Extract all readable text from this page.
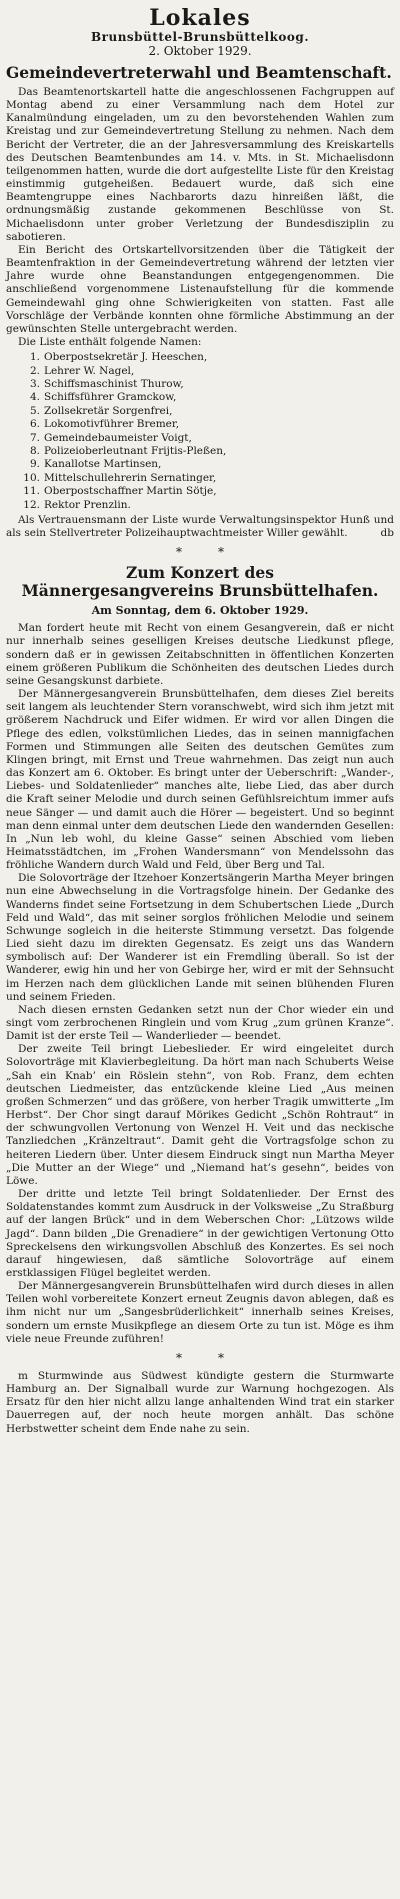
Lokales
Brunsbüttel-Brunsbüttelkoog.
2. Oktober 1929.
Gemeindevertreterwahl und Beamtenschaft.

Das Beamtenortskartell hatte die angeschlossenen Fachgruppen auf Montag abend zu einer Versammlung nach dem Hotel zur Kanalmündung eingeladen, um zu den bevorstehenden Wahlen zum Kreistag und zur Gemeindevertretung Stellung zu nehmen. Nach dem Bericht der Vertreter, die an der Jahresversammlung des Kreiskartells des Deutschen Beamtenbundes am 14. v. Mts. in St. Michaelisdonn teilgenommen hatten, wurde die dort aufgestellte Liste für den Kreistag einstimmig gutgeheißen. Bedauert wurde, daß sich eine Beamtengruppe eines Nachbarorts dazu hinreißen läßt, die ordnungsmäßig zustande gekommenen Beschlüsse von St. Michaelisdonn unter grober Verletzung der Bundesdisziplin zu sabotieren.

Ein Bericht des Ortskartellvorsitzenden über die Tätigkeit der Beamtenfraktion in der Gemeindevertretung während der letzten vier Jahre wurde ohne Beanstandungen entgegengenommen. Die anschließend vorgenommene Listenaufstellung für die kommende Gemeindewahl ging ohne Schwierigkeiten von statten. Fast alle Vorschläge der Verbände konnten ohne förmliche Abstimmung an der gewünschten Stelle untergebracht werden.

Die Liste enthält folgende Namen:

1. Oberpostsekretär J. Heeschen,
2. Lehrer W. Nagel,
3. Schiffsmaschinist Thurow,
4. Schiffsführer Gramckow,
5. Zollsekretär Sorgenfrei,
6. Lokomotivführer Bremer,
7. Gemeindebaumeister Voigt,
8. Polizeioberleutnant Frijtis-Pleßen,
9. Kanallotse Martinsen,
10. Mittelschullehrerin Sernatinger,
11. Oberpostschaffner Martin Sötje,
12. Rektor Prenzlin.

Als Vertrauensmann der Liste wurde Verwaltungsinspektor Hunß und als sein Stellvertreter Polizeihauptwachtmeister Willer gewählt.	db

**
Zum Konzert des
Männergesangvereins Brunsbüttelhafen.
Am Sonntag, dem 6. Oktober 1929.

Man fordert heute mit Recht von einem Gesangverein, daß er nicht nur innerhalb seines geselligen Kreises deutsche Liedkunst pflege, sondern daß er in gewissen Zeitabschnitten in öffentlichen Konzerten einem größeren Publikum die Schönheiten des deutschen Liedes durch seine Gesangskunst darbiete.

Der Männergesangverein Brunsbüttelhafen, dem dieses Ziel bereits seit langem als leuchtender Stern voranschwebt, wird sich ihm jetzt mit größerem Nachdruck und Eifer widmen. Er wird vor allen Dingen die Pflege des edlen, volkstümlichen Liedes, das in seinen mannigfachen Formen und Stimmungen alle Seiten des deutschen Gemütes zum Klingen bringt, mit Ernst und Treue wahrnehmen. Das zeigt nun auch das Konzert am 6. Oktober. Es bringt unter der Ueberschrift: „Wander-, Liebes- und Soldatenlieder“ manches alte, liebe Lied, das aber durch die Kraft seiner Melodie und durch seinen Gefühlsreichtum immer aufs neue Sänger — und damit auch die Hörer — begeistert. Und so beginnt man denn einmal unter dem deutschen Liede den wandernden Gesellen: In „Nun leb wohl, du kleine Gasse“ seinen Abschied vom lieben Heimatsstädtchen, im „Frohen Wandersmann“ von Mendelssohn das fröhliche Wandern durch Wald und Feld, über Berg und Tal.

Die Solovorträge der Itzehoer Konzertsängerin Martha Meyer bringen nun eine Abwechselung in die Vortragsfolge hinein. Der Gedanke des Wanderns findet seine Fortsetzung in dem Schubertschen Liede „Durch Feld und Wald“, das mit seiner sorglos fröhlichen Melodie und seinem Schwunge sogleich in die heiterste Stimmung versetzt. Das folgende Lied sieht dazu im direkten Gegensatz. Es zeigt uns das Wandern symbolisch auf: Der Wanderer ist ein Fremdling überall. So ist der Wanderer, ewig hin und her von Gebirge her, wird er mit der Sehnsucht im Herzen nach dem glücklichen Lande mit seinen blühenden Fluren und seinem Frieden.

Nach diesen ernsten Gedanken setzt nun der Chor wieder ein und singt vom zerbrochenen Ringlein und vom Krug „zum grünen Kranze“. Damit ist der erste Teil — Wanderlieder — beendet.

Der zweite Teil bringt Liebeslieder. Er wird eingeleitet durch Solovorträge mit Klavierbegleitung. Da hört man nach Schuberts Weise „Sah ein Knab’ ein Röslein stehn“, von Rob. Franz, dem echten deutschen Liedmeister, das entzückende kleine Lied „Aus meinen großen Schmerzen“ und das größere, von herber Tragik umwitterte „Im Herbst“. Der Chor singt darauf Mörikes Gedicht „Schön Rohtraut“ in der schwungvollen Vertonung von Wenzel H. Veit und das neckische Tanzliedchen „Kränzeltraut“. Damit geht die Vortragsfolge schon zu heiteren Liedern über. Unter diesem Eindruck singt nun Martha Meyer „Die Mutter an der Wiege“ und „Niemand hat’s gesehn“, beides von Löwe.

Der dritte und letzte Teil bringt Soldatenlieder. Der Ernst des Soldatenstandes kommt zum Ausdruck in der Volksweise „Zu Straßburg auf der langen Brück“ und in dem Weberschen Chor: „Lützows wilde Jagd“. Dann bilden „Die Grenadiere“ in der gewichtigen Vertonung Otto Spreckelsens den wirkungsvollen Abschluß des Konzertes. Es sei noch darauf hingewiesen, daß sämtliche Solovorträge auf einem erstklassigen Flügel begleitet werden.

Der Männergesangverein Brunsbüttelhafen wird durch dieses in allen Teilen wohl vorbereitete Konzert erneut Zeugnis davon ablegen, daß es ihm nicht nur um „Sangesbrüderlichkeit“ innerhalb seines Kreises, sondern um ernste Musikpflege an diesem Orte zu tun ist. Möge es ihm viele neue Freunde zuführen!

**

m Sturmwinde aus Südwest kündigte gestern die Sturmwarte Hamburg an. Der Signalball wurde zur Warnung hochgezogen. Als Ersatz für den hier nicht allzu lange anhaltenden Wind trat ein starker Dauerregen auf, der noch heute morgen anhält. Das schöne Herbstwetter scheint dem Ende nahe zu sein.
